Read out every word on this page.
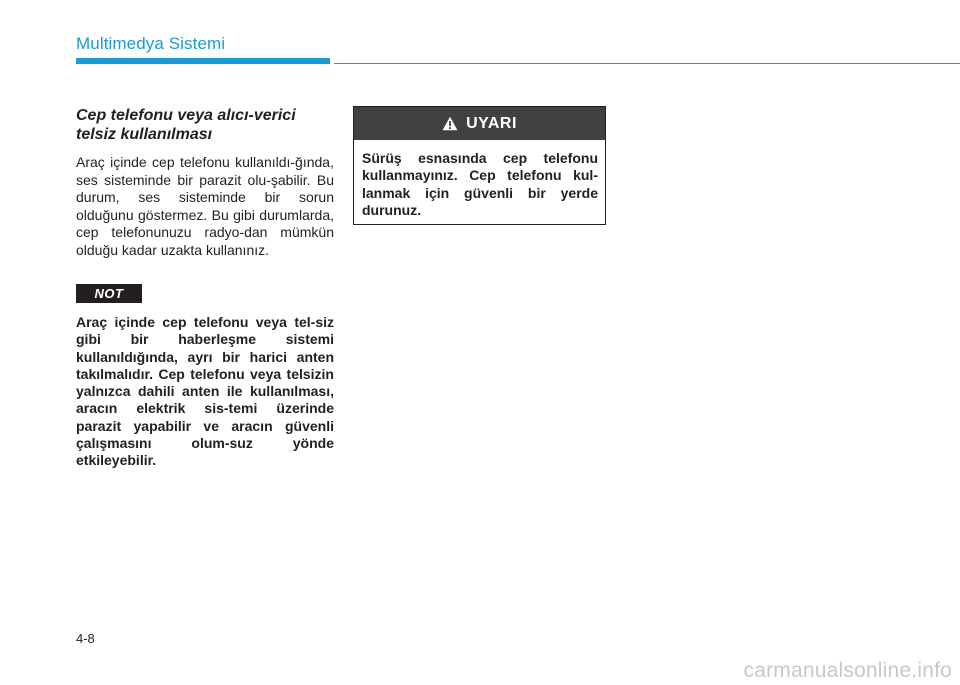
Multimedya Sistemi

Cep telefonu veya alıcı-verici telsiz kullanılması

Araç içinde cep telefonu kullanıldı-ğında, ses sisteminde bir parazit olu-şabilir. Bu durum, ses sisteminde bir sorun olduğunu göstermez. Bu gibi durumlarda, cep telefonunuzu radyo-dan mümkün olduğu kadar uzakta kullanınız.

NOT

Araç içinde cep telefonu veya tel-siz gibi bir haberleşme sistemi kullanıldığında, ayrı bir harici anten takılmalıdır. Cep telefonu veya telsizin yalnızca dahili anten ile kullanılması, aracın elektrik sis-temi üzerinde parazit yapabilir ve aracın güvenli çalışmasını olum-suz yönde etkileyebilir.

UYARI

Sürüş esnasında cep telefonu kullanmayınız. Cep telefonu kul-lanmak için güvenli bir yerde durunuz.

4-8
carmanualsonline.info
